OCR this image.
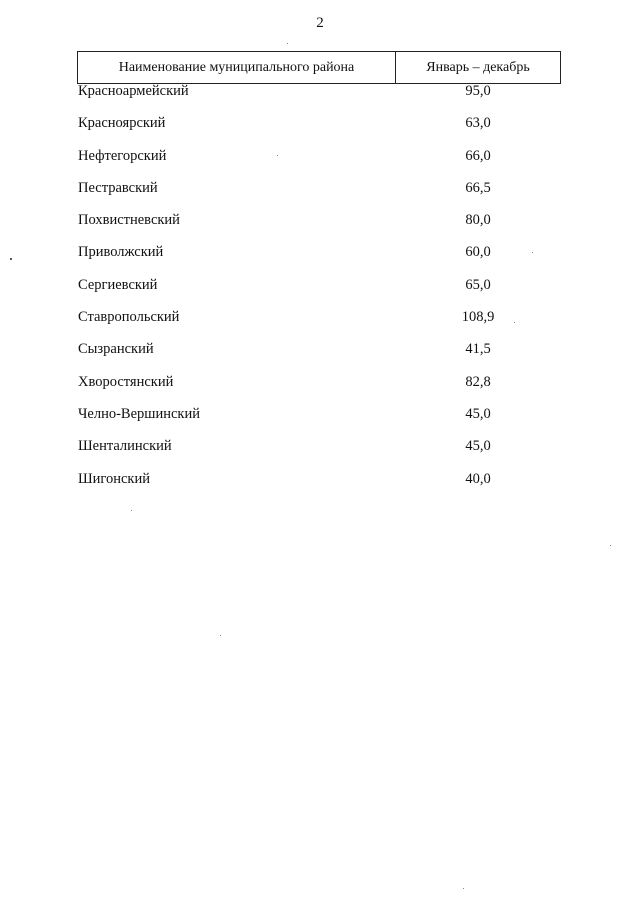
2
Наименование муниципального района	Январь – декабрь
Красноармейский	95,0
Красноярский	63,0
Нефтегорский	66,0
Пестравский	66,5
Похвистневский	80,0
Приволжский	60,0
Сергиевский	65,0
Ставропольский	108,9
Сызранский	41,5
Хворостянский	82,8
Челно-Вершинский	45,0
Шенталинский	45,0
Шигонский	40,0
